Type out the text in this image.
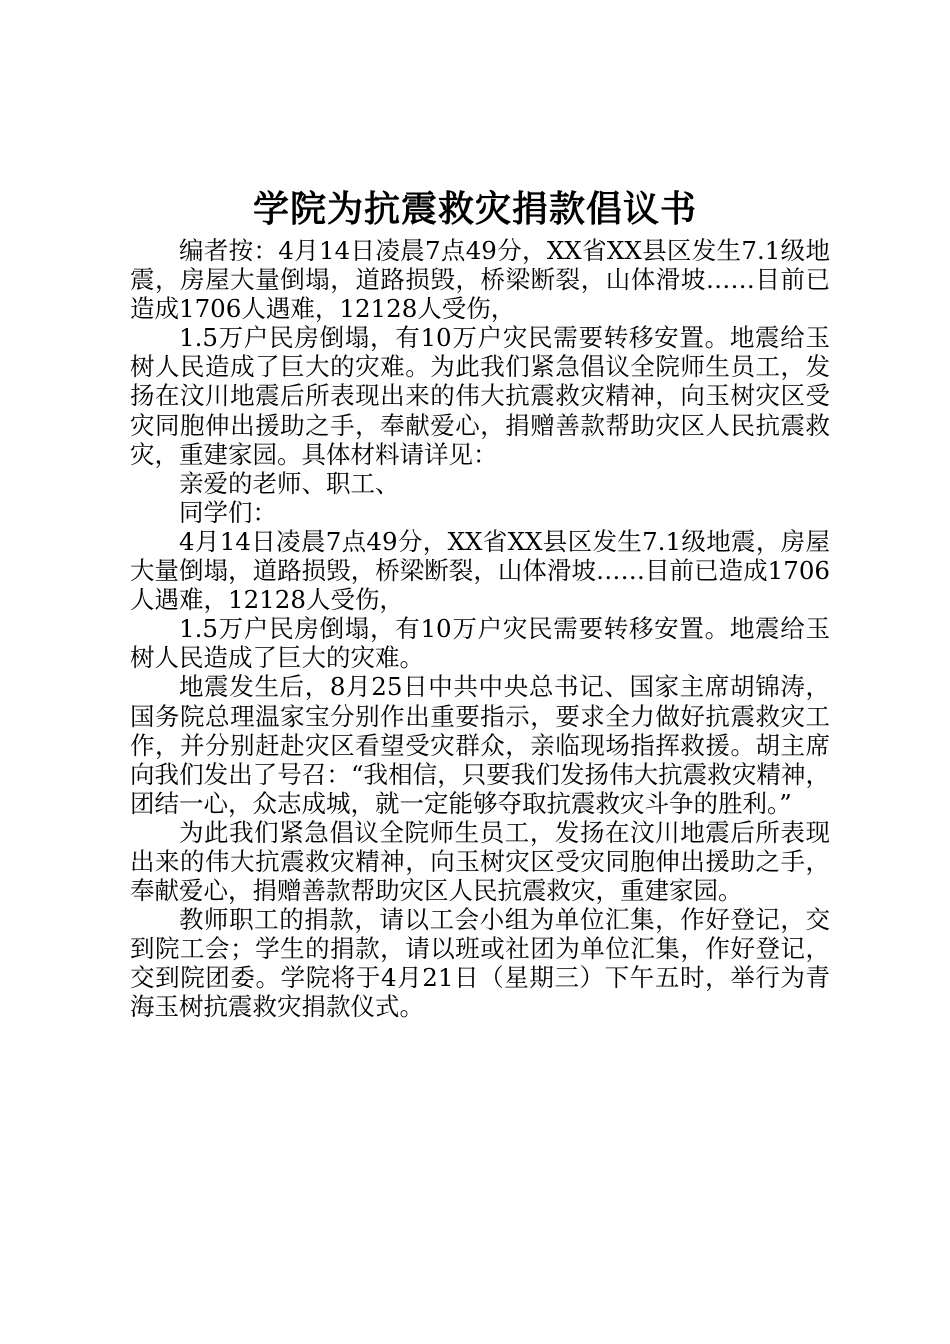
学院为抗震救灾捐款倡议书

编者按：4月14日凌晨7点49分，XX省XX县区发生7.1级地震，房屋大量倒塌，道路损毁，桥梁断裂，山体滑坡……目前已造成1706人遇难，12128人受伤，

1.5万户民房倒塌，有10万户灾民需要转移安置。地震给玉树人民造成了巨大的灾难。为此我们紧急倡议全院师生员工，发扬在汶川地震后所表现出来的伟大抗震救灾精神，向玉树灾区受灾同胞伸出援助之手，奉献爱心，捐赠善款帮助灾区人民抗震救灾，重建家园。具体材料请详见：

亲爱的老师、职工、

同学们：

4月14日凌晨7点49分，XX省XX县区发生7.1级地震，房屋大量倒塌，道路损毁，桥梁断裂，山体滑坡……目前已造成1706人遇难，12128人受伤，

1.5万户民房倒塌，有10万户灾民需要转移安置。地震给玉树人民造成了巨大的灾难。

地震发生后，8月25日中共中央总书记、国家主席胡锦涛，国务院总理温家宝分别作出重要指示，要求全力做好抗震救灾工作，并分别赶赴灾区看望受灾群众，亲临现场指挥救援。胡主席向我们发出了号召：“我相信，只要我们发扬伟大抗震救灾精神，团结一心，众志成城，就一定能够夺取抗震救灾斗争的胜利。”

为此我们紧急倡议全院师生员工，发扬在汶川地震后所表现出来的伟大抗震救灾精神，向玉树灾区受灾同胞伸出援助之手，奉献爱心，捐赠善款帮助灾区人民抗震救灾，重建家园。

教师职工的捐款，请以工会小组为单位汇集，作好登记，交到院工会；学生的捐款，请以班或社团为单位汇集，作好登记，交到院团委。学院将于4月21日（星期三）下午五时，举行为青海玉树抗震救灾捐款仪式。
